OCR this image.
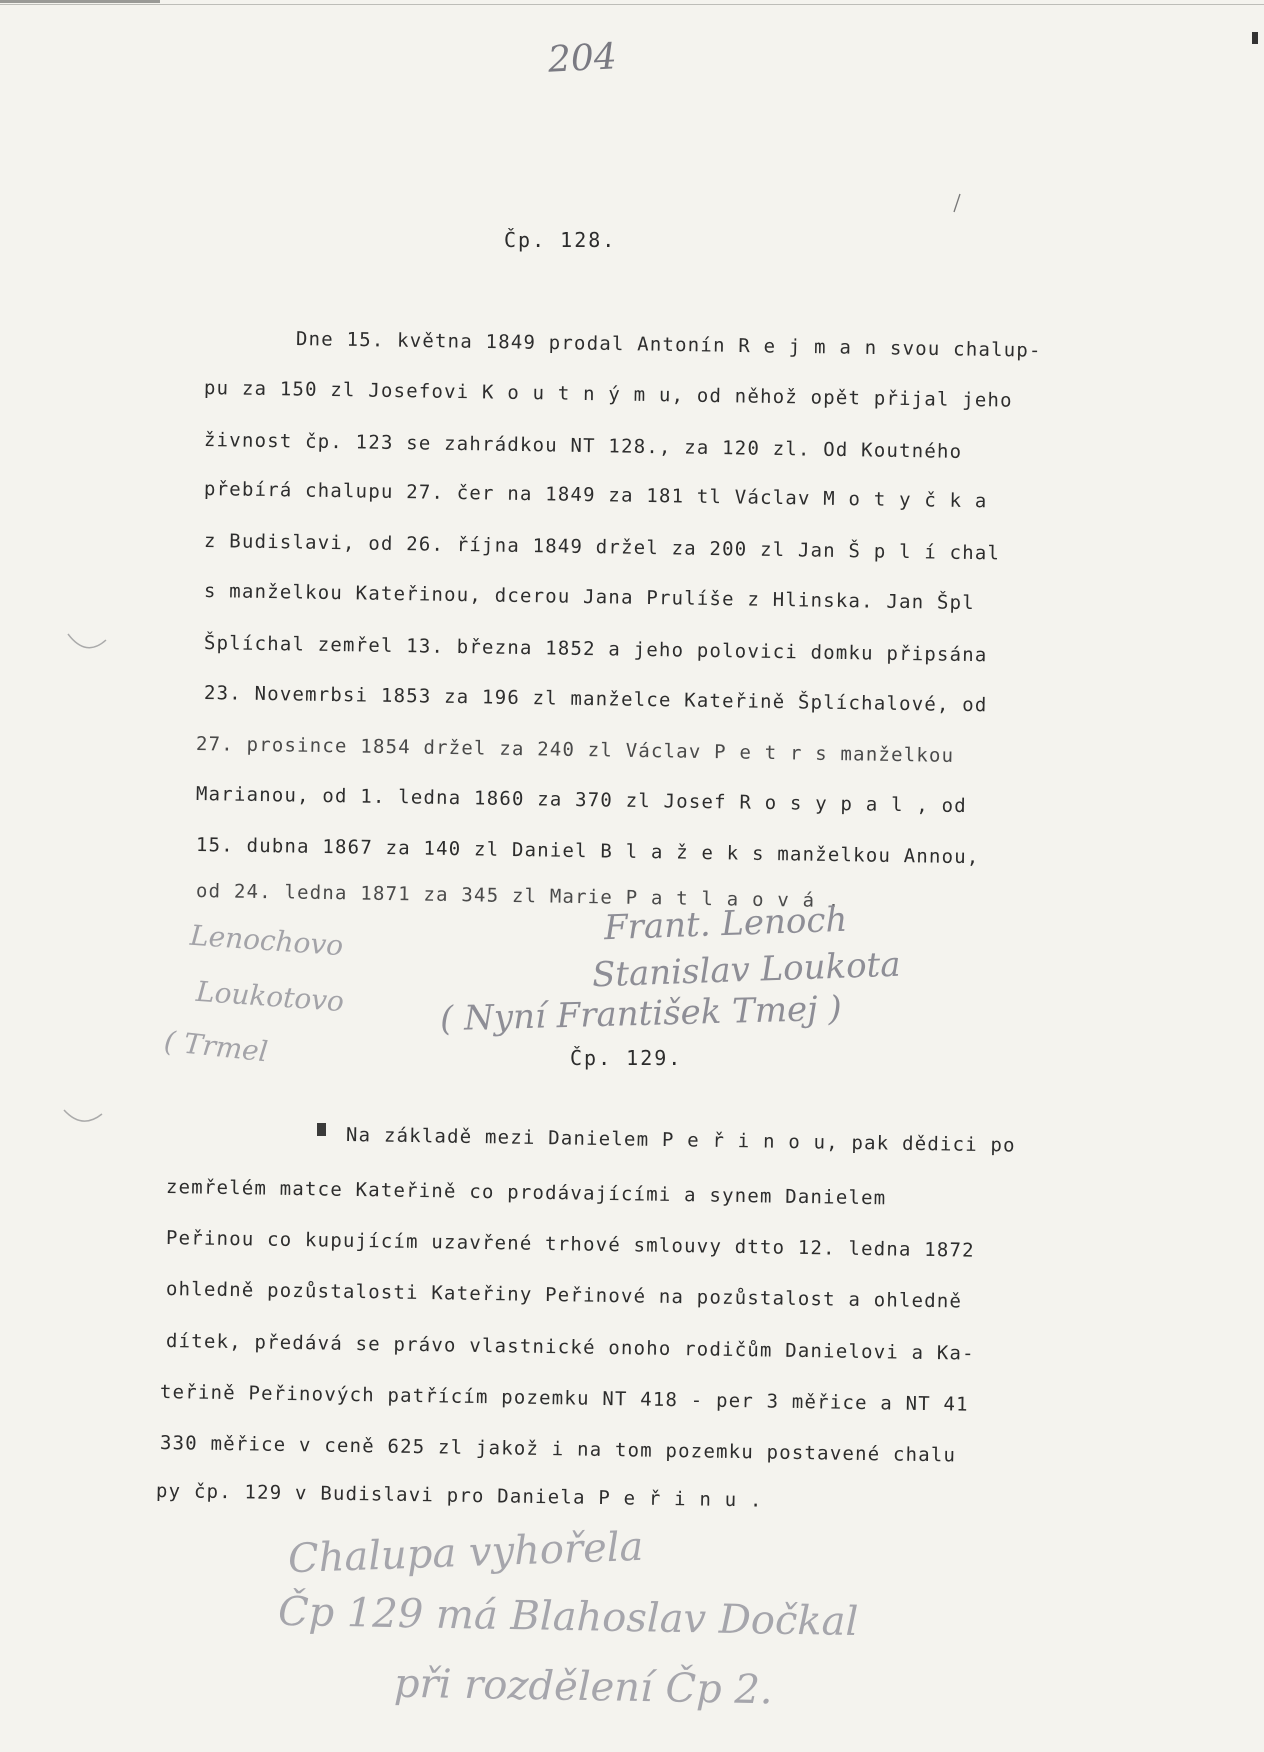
204
Čp. 128.
Dne 15. května 1849 prodal Antonín R e j m a n svou chalup-
pu za 150 zl Josefovi K o u t n ý m u, od něhož opět přijal jeho
živnost čp. 123 se zahrádkou NT 128., za 120 zl. Od Koutného
přebírá chalupu 27. čer na 1849 za 181 tl Václav M o t y č k a
z Budislavi, od 26. října 1849 držel za 200 zl Jan Š p l í chal
s manželkou Kateřinou, dcerou Jana Prulíše z Hlinska. Jan Špl
Šplíchal zemřel 13. března 1852 a jeho polovici domku připsána
23. Novemrbsi 1853 za 196 zl manželce Kateřině Šplíchalové, od
27. prosince 1854 držel za 240 zl Václav P e t r s manželkou
Marianou, od 1. ledna 1860 za 370 zl Josef R o s y p a l , od
15. dubna 1867 za 140 zl Daniel B l a ž e k s manželkou Annou,
od 24. ledna 1871 za 345 zl Marie P a t l a o v á .
Lenochovo
Loukotovo
( Trmel
Frant. Lenoch
Stanislav Loukota
( Nyní František Tmej )
Čp. 129.
Na základě mezi Danielem P e ř i n o u, pak dědici po
zemřelém matce Kateřině co prodávajícími a synem Danielem
Peřinou co kupujícím uzavřené trhové smlouvy dtto 12. ledna 1872
ohledně pozůstalosti Kateřiny Peřinové na pozůstalost a ohledně
dítek, předává se právo vlastnické onoho rodičům Danielovi a Ka-
teřině Peřinových patřícím pozemku NT 418 - per 3 měřice a NT 41
330 měřice v ceně 625 zl jakož i na tom pozemku postavené chalu
py čp. 129 v Budislavi pro Daniela P e ř i n u .
Chalupa vyhořela
Čp 129 má Blahoslav Dočkal
při rozdělení Čp 2.
